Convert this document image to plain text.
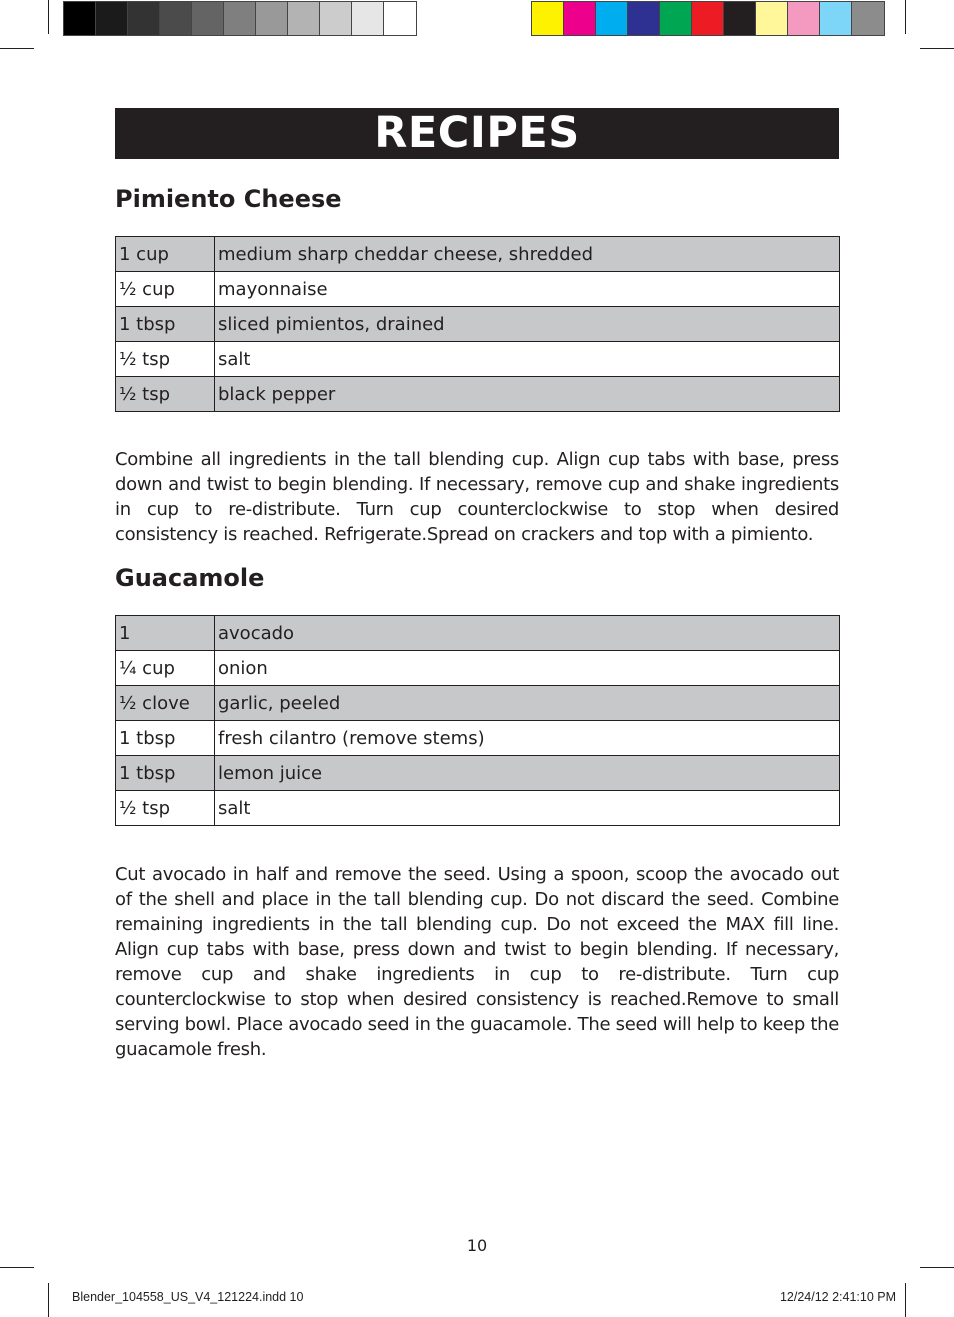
RECIPES
Pimiento Cheese
1 cup	medium sharp cheddar cheese, shredded
½ cup	mayonnaise
1 tbsp	sliced pimientos, drained
½ tsp	salt
½ tsp	black pepper

Combine all ingredients in the tall blending cup. Align cup tabs with base, press down and twist to begin blending. If necessary, remove cup and shake ingredients in cup to re-distribute. Turn cup counterclockwise to stop when desired consistency is reached. Refrigerate.Spread on crackers and top with a pimiento.

Guacamole
1	avocado
¼ cup	onion
½ clove	garlic, peeled
1 tbsp	fresh cilantro (remove stems)
1 tbsp	lemon juice
½ tsp	salt

Cut avocado in half and remove the seed. Using a spoon, scoop the avocado out of the shell and place in the tall blending cup. Do not discard the seed. Combine remaining ingredients in the tall blending cup. Do not exceed the MAX fill line. Align cup tabs with base, press down and twist to begin blending. If necessary, remove cup and shake ingredients in cup to re-distribute. Turn cup counterclockwise to stop when desired consistency is reached.Remove to small serving bowl. Place avocado seed in the guacamole. The seed will help to keep the guacamole fresh.

10
Blender_104558_US_V4_121224.indd 10	12/24/12 2:41:10 PM
